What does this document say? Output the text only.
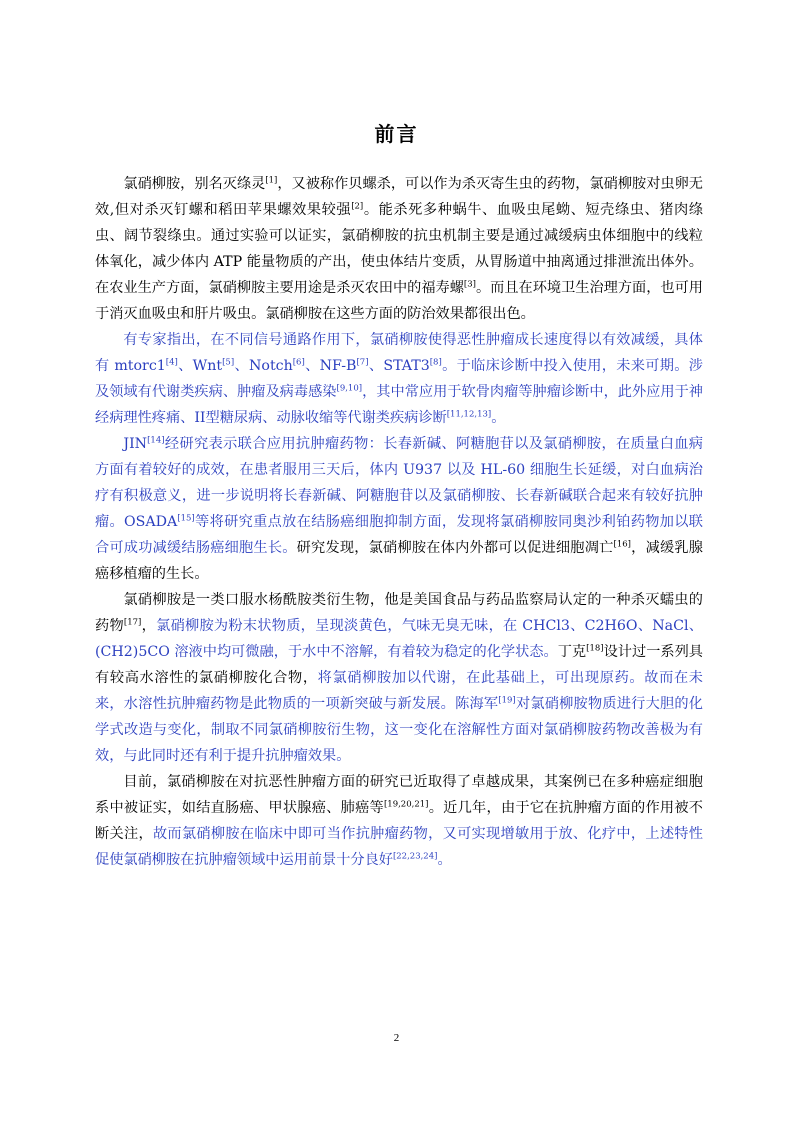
前言

氯硝柳胺，别名灭绦灵[1]，又被称作贝螺杀，可以作为杀灭寄生虫的药物，氯硝柳胺对虫卵无效,但对杀灭钉螺和稻田苹果螺效果较强[2]。能杀死多种蜗牛、血吸虫尾蚴、短壳绦虫、猪肉绦虫、阔节裂绦虫。通过实验可以证实，氯硝柳胺的抗虫机制主要是通过减缓病虫体细胞中的线粒体氧化，减少体内 ATP 能量物质的产出，使虫体结片变质，从胃肠道中抽离通过排泄流出体外。在农业生产方面，氯硝柳胺主要用途是杀灭农田中的福寿螺[3]。而且在环境卫生治理方面，也可用于消灭血吸虫和肝片吸虫。氯硝柳胺在这些方面的防治效果都很出色。

有专家指出，在不同信号通路作用下，氯硝柳胺使得恶性肿瘤成长速度得以有效减缓，具体有 mtorc1[4]、Wnt[5]、Notch[6]、NF-B[7]、STAT3[8]。于临床诊断中投入使用，未来可期。涉及领域有代谢类疾病、肿瘤及病毒感染[9,10]，其中常应用于软骨肉瘤等肿瘤诊断中，此外应用于神经病理性疼痛、II型糖尿病、动脉收缩等代谢类疾病诊断[11,12,13]。

JIN[14]经研究表示联合应用抗肿瘤药物：长春新碱、阿糖胞苷以及氯硝柳胺，在质量白血病方面有着较好的成效，在患者服用三天后，体内 U937 以及 HL-60 细胞生长延缓，对白血病治疗有积极意义，进一步说明将长春新碱、阿糖胞苷以及氯硝柳胺、长春新碱联合起来有较好抗肿瘤。OSADA[15]等将研究重点放在结肠癌细胞抑制方面，发现将氯硝柳胺同奥沙利铂药物加以联合可成功减缓结肠癌细胞生长。研究发现，氯硝柳胺在体内外都可以促进细胞凋亡[16]，减缓乳腺癌移植瘤的生长。

氯硝柳胺是一类口服水杨酰胺类衍生物，他是美国食品与药品监察局认定的一种杀灭蠕虫的药物[17]，氯硝柳胺为粉末状物质，呈现淡黄色，气味无臭无味，在 CHCl3、C2H6O、NaCl、(CH2)5CO 溶液中均可微融，于水中不溶解，有着较为稳定的化学状态。丁克[18]设计过一系列具有较高水溶性的氯硝柳胺化合物，将氯硝柳胺加以代谢，在此基础上，可出现原药。故而在未来，水溶性抗肿瘤药物是此物质的一项新突破与新发展。陈海军[19]对氯硝柳胺物质进行大胆的化学式改造与变化，制取不同氯硝柳胺衍生物，这一变化在溶解性方面对氯硝柳胺药物改善极为有效，与此同时还有利于提升抗肿瘤效果。

目前，氯硝柳胺在对抗恶性肿瘤方面的研究已近取得了卓越成果，其案例已在多种癌症细胞系中被证实，如结直肠癌、甲状腺癌、肺癌等[19,20,21]。近几年，由于它在抗肿瘤方面的作用被不断关注，故而氯硝柳胺在临床中即可当作抗肿瘤药物，又可实现增敏用于放、化疗中，上述特性促使氯硝柳胺在抗肿瘤领域中运用前景十分良好[22,23,24]。

2
